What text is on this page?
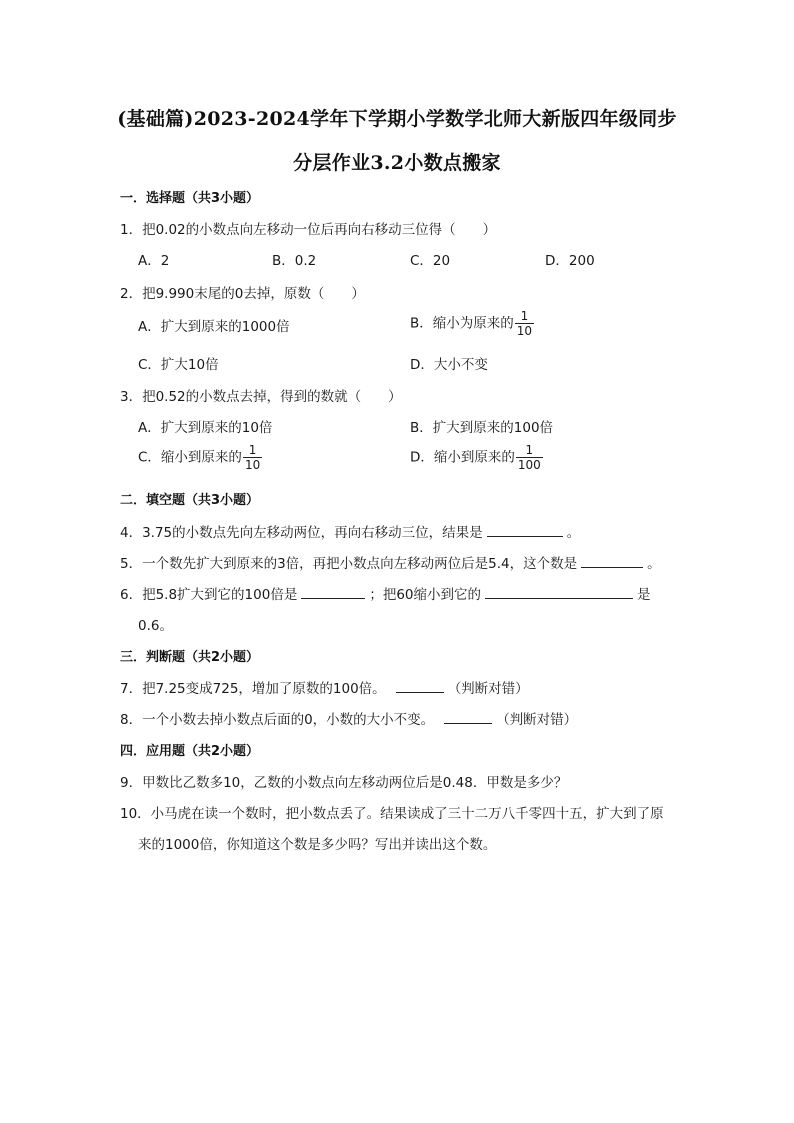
(基础篇)2023-2024学年下学期小学数学北师大新版四年级同步
分层作业3.2小数点搬家
一．选择题（共3小题）
1．把0.02的小数点向左移动一位后再向右移动三位得（　　）
A．2	B．0.2	C．20	D．200
2．把9.990末尾的0去掉，原数（　　）
A．扩大到原来的1000倍	B．缩小为原来的 $\frac{1}{10}$
C．扩大10倍	D．大小不变
3．把0.52的小数点去掉，得到的数就（　　）
A．扩大到原来的10倍	B．扩大到原来的100倍
C．缩小到原来的 $\frac{1}{10}$	D．缩小到原来的 $\frac{1}{100}$
二．填空题（共3小题）
4．3.75的小数点先向左移动两位，再向右移动三位，结果是	。
5．一个数先扩大到原来的3倍，再把小数点向左移动两位后是5.4，这个数是	。
6．把5.8扩大到它的100倍是	；把60缩小到它的	是
0.6。
三．判断题（共2小题）
7．把7.25变成725，增加了原数的100倍。	（判断对错）
8．一个小数去掉小数点后面的0，小数的大小不变。	（判断对错）
四．应用题（共2小题）
9．甲数比乙数多10，乙数的小数点向左移动两位后是0.48．甲数是多少？
10．小马虎在读一个数时，把小数点丢了。结果读成了三十二万八千零四十五，扩大到了原
来的1000倍，你知道这个数是多少吗？写出并读出这个数。
